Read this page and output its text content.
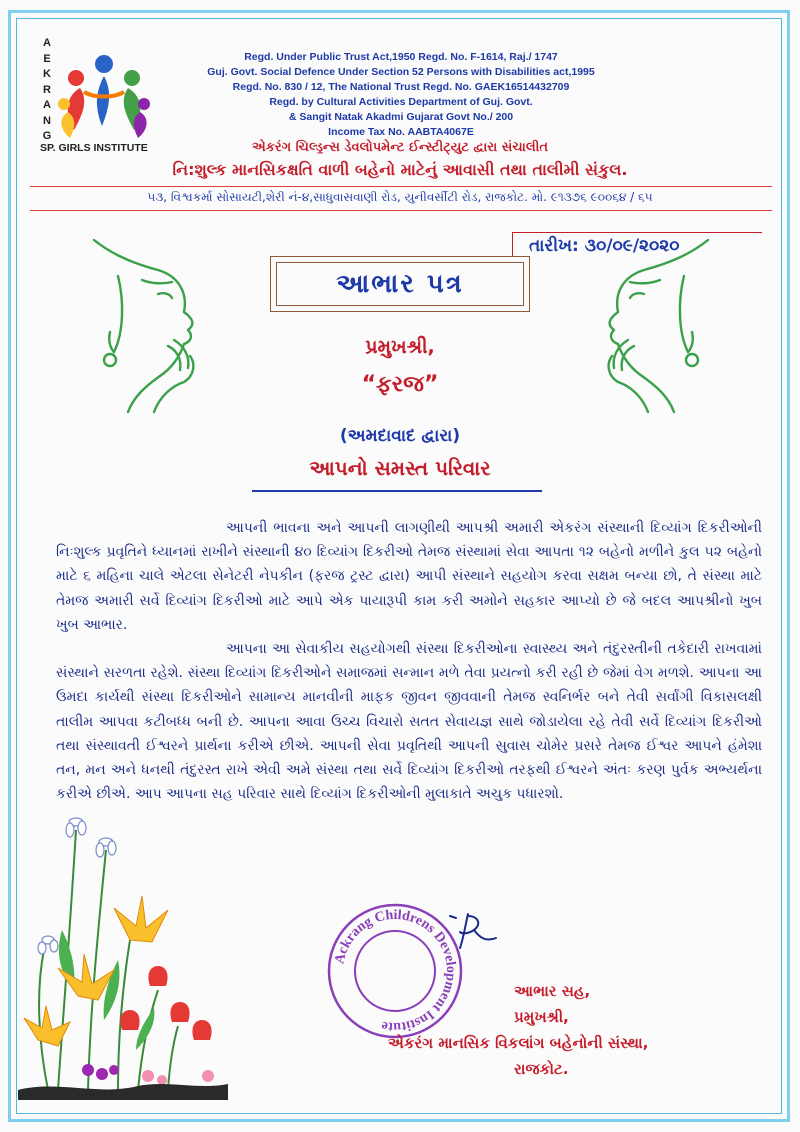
A
E
K
R
A
N
G
SP. GIRLS INSTITUTE
Regd. Under Public Trust Act,1950 Regd. No. F-1614, Raj./ 1747
Guj. Govt. Social Defence Under Section 52 Persons with Disabilities act,1995
Regd. No. 830 / 12, The National Trust Regd. No. GAEK16514432709
Regd. by Cultural Activities Department of Guj. Govt.
& Sangit Natak Akadmi Gujarat Govt No./ 200
Income Tax No. AABTA4067E
એકરંગ ચિલ્ડ્રન્સ ડેવલોપમેન્ટ ઈન્સ્ટીટ્યુટ દ્વારા સંચાલીત
નિ:શુલ્ક માનસિકક્ષતિ વાળી બહેનો માટેનું આવાસી તથા તાલીમી સંકુલ.
૫૩, વિશ્વકર્મા સોસાયટી,શેરી નં-૪,સાધુવાસવાણી રોડ, યુનીવર્સીટી રોડ, રાજકોટ. મો. ૯૧૩૭૬ ૯૦૦૬૪ / ૬૫
તારીખ: ૩૦/૦૯/૨૦૨૦
આભાર પત્ર
પ્રમુખશ્રી,
“ફરજ”
(અમદાવાદ દ્વારા)
આપનો સમસ્ત પરિવાર

આપની ભાવના અને આપની લાગણીથી આપશ્રી અમારી એકરંગ સંસ્થાની દિવ્યાંગ દિકરીઓની નિઃશુલ્ક પ્રવૃતિને ધ્યાનમાં રાખીને સંસ્થાની ૪૦ દિવ્યાંગ દિકરીઓ તેમજ સંસ્થામાં સેવા આપતા ૧૨ બહેનો મળીને કુલ ૫૨ બહેનો માટે ૬ મહિના ચાલે એટલા સેનેટરી નેપકીન (ફરજ ટ્રસ્ટ દ્વારા) આપી સંસ્થાને સહયોગ કરવા સક્ષમ બન્યા છો, તે સંસ્થા માટે તેમજ અમારી સર્વે દિવ્યાંગ દિકરીઓ માટે આપે એક પાયારૂપી કામ કરી અમોને સહકાર આપ્યો છે જે બદલ આપશ્રીનો ખુબ ખુબ આભાર.

આપના આ સેવાકીય સહયોગથી સંસ્થા દિકરીઓના સ્વાસ્થ્ય અને તંદુરસ્તીની તકેદારી રાખવામાં સંસ્થાને સરળતા રહેશે. સંસ્થા દિવ્યાંગ દિકરીઓને સમાજમાં સન્માન મળે તેવા પ્રયત્નો કરી રહી છે જેમાં વેગ મળશે. આપના આ ઉમદા કાર્યથી સંસ્થા દિકરીઓને સામાન્ય માનવીની માફક જીવન જીવવાની તેમજ સ્વનિર્ભર બને તેવી સર્વાંગી વિકાસલક્ષી તાલીમ આપવા કટીબધ્ધ બની છે. આપના આવા ઉચ્ચ વિચારો સતત સેવાયજ્ઞ સાથે જોડાયેલા રહે તેવી સર્વે દિવ્યાંગ દિકરીઓ તથા સંસ્થાવતી ઈશ્વરને પ્રાર્થના કરીએ છીએ. આપની સેવા પ્રવૃતિથી આપની સુવાસ ચોમેર પ્રસરે તેમજ ઈશ્વર આપને હંમેશા તન, મન અને ધનથી તંદુરસ્ત રાખે એવી અમે સંસ્થા તથા સર્વે દિવ્યાંગ દિકરીઓ તરફથી ઈશ્વરને અંતઃ કરણ પુર્વક અભ્યર્થના કરીએ છીએ. આપ આપના સહ પરિવાર સાથે દિવ્યાંગ દિકરીઓની મુલાકાતે અચુક પધારશો.

Ackrang Childrens Development Institute
આભાર સહ,
પ્રમુખશ્રી,
એકરંગ માનસિક વિકલાંગ બહેનોની સંસ્થા,
રાજકોટ.
